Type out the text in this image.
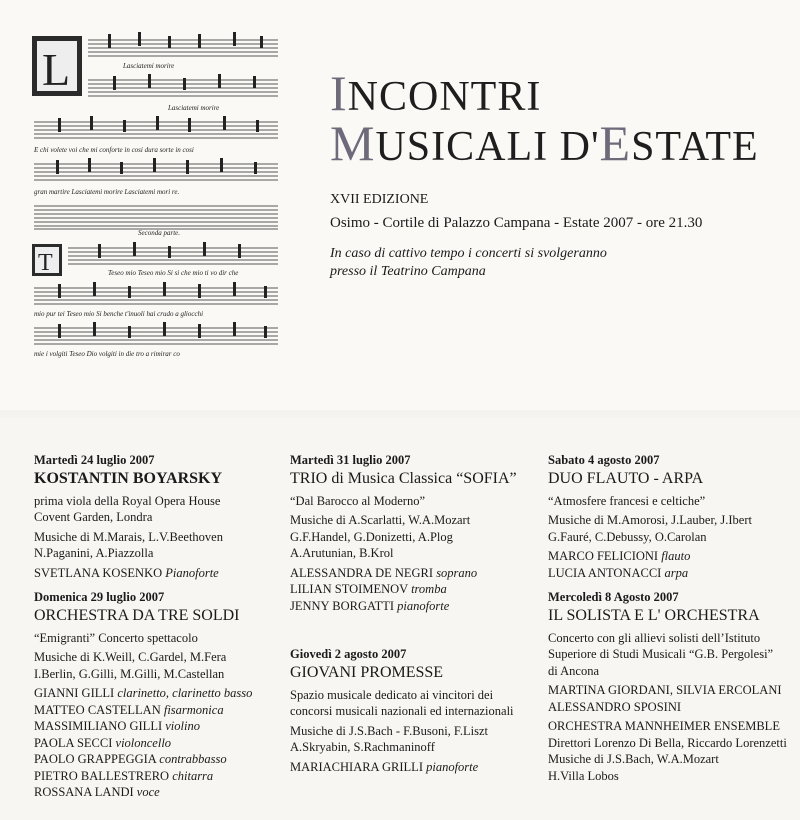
L
T
Lasciatemi morire
Lasciatemi morire
E chi volete voi che mi conforte in cosi dura sorte in cosi
gran martire Lasciatemi morire Lasciatemi mori re.
Seconda parte.
Teseo mio Teseo mio Si si che mio ti vo dir che
mio pur tei Teseo mio Si benche t'inuoli hai crudo a gliocchi
mie i volgiti Teseo Dio volgiti in die tro a rimirar co
INCONTRI
MUSICALI D'ESTATE
XVII EDIZIONE
Osimo - Cortile di Palazzo Campana - Estate 2007 - ore 21.30
In caso di cattivo tempo i concerti si svolgeranno
presso il Teatrino Campana
Martedì 24 luglio 2007
KOSTANTIN BOYARSKY
prima viola della Royal Opera House
Covent Garden, Londra
Musiche di M.Marais, L.V.Beethoven
N.Paganini, A.Piazzolla
SVETLANA KOSENKO Pianoforte
Domenica 29 luglio 2007
ORCHESTRA DA TRE SOLDI
“Emigranti” Concerto spettacolo
Musiche di K.Weill, C.Gardel, M.Fera
I.Berlin, G.Gilli, M.Gilli, M.Castellan
GIANNI GILLI clarinetto, clarinetto basso
MATTEO CASTELLAN fisarmonica
MASSIMILIANO GILLI violino
PAOLA SECCI violoncello
PAOLO GRAPPEGGIA contrabbasso
PIETRO BALLESTRERO chitarra
ROSSANA LANDI voce
Martedì 31 luglio 2007
TRIO di Musica Classica “SOFIA”
“Dal Barocco al Moderno”
Musiche di A.Scarlatti, W.A.Mozart
G.F.Handel, G.Donizetti, A.Plog
A.Arutunian, B.Krol
ALESSANDRA DE NEGRI soprano
LILIAN STOIMENOV tromba
JENNY BORGATTI pianoforte
Giovedì 2 agosto 2007
GIOVANI PROMESSE
Spazio musicale dedicato ai vincitori dei
concorsi musicali nazionali ed internazionali
Musiche di J.S.Bach - F.Busoni, F.Liszt
A.Skryabin, S.Rachmaninoff
MARIACHIARA GRILLI pianoforte
Sabato 4 agosto 2007
DUO FLAUTO - ARPA
“Atmosfere francesi e celtiche”
Musiche di M.Amorosi, J.Lauber, J.Ibert
G.Fauré, C.Debussy, O.Carolan
MARCO FELICIONI flauto
LUCIA ANTONACCI arpa
Mercoledì 8 Agosto 2007
IL SOLISTA E L' ORCHESTRA
Concerto con gli allievi solisti dell’Istituto
Superiore di Studi Musicali “G.B. Pergolesi”
di Ancona
MARTINA GIORDANI, SILVIA ERCOLANI
ALESSANDRO SPOSINI
ORCHESTRA MANNHEIMER ENSEMBLE
Direttori Lorenzo Di Bella, Riccardo Lorenzetti
Musiche di J.S.Bach, W.A.Mozart
H.Villa Lobos
